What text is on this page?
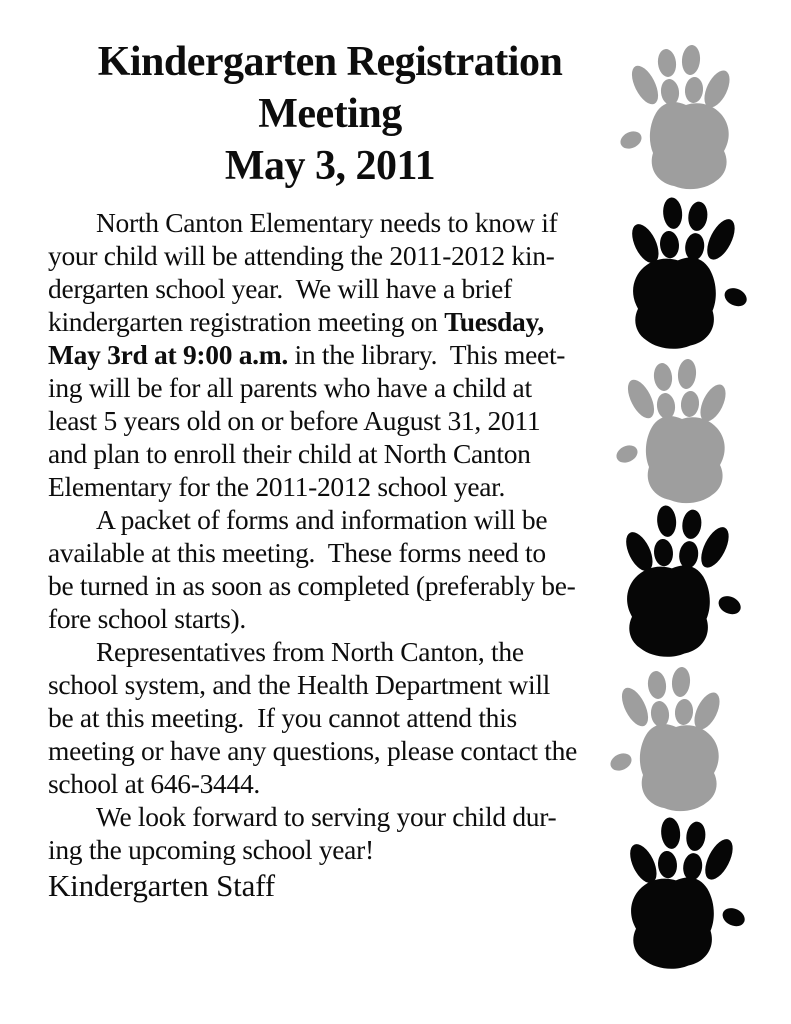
Kindergarten Registration
Meeting
May 3, 2011
North Canton Elementary needs to know if
your child will be attending the 2011-2012 kin-
dergarten school year.  We will have a brief
kindergarten registration meeting on Tuesday,
May 3rd at 9:00 a.m. in the library.  This meet-
ing will be for all parents who have a child at
least 5 years old on or before August 31, 2011
and plan to enroll their child at North Canton
Elementary for the 2011-2012 school year.
A packet of forms and information will be
available at this meeting.  These forms need to
be turned in as soon as completed (preferably be-
fore school starts).
Representatives from North Canton, the
school system, and the Health Department will
be at this meeting.  If you cannot attend this
meeting or have any questions, please contact the
school at 646-3444.
We look forward to serving your child dur-
ing the upcoming school year!
Kindergarten Staff
